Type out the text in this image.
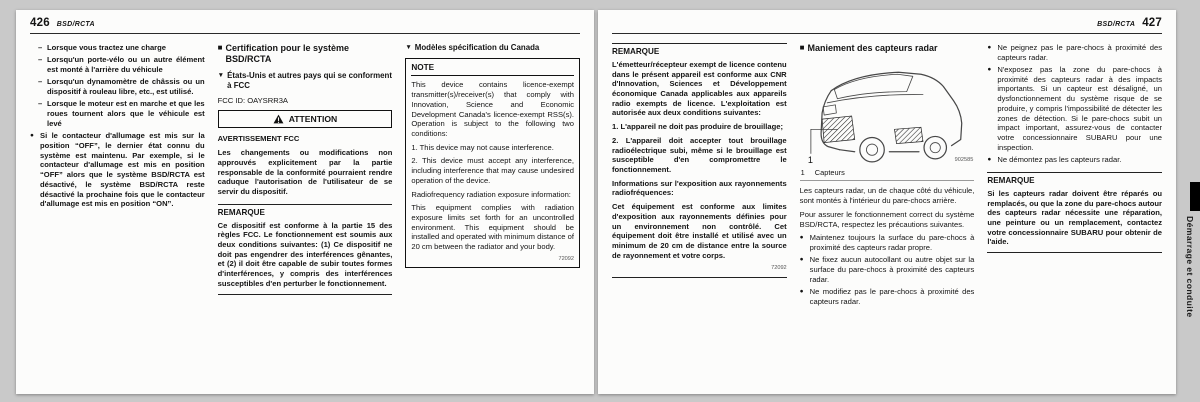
426 BSD/RCTA
– Lorsque vous tractez une charge
– Lorsqu'un porte-vélo ou un autre élément est monté à l'arrière du véhicule
– Lorsqu'un dynamomètre de châssis ou un dispositif à rouleau libre, etc., est utilisé.
– Lorsque le moteur est en marche et que les roues tournent alors que le véhicule est levé
● Si le contacteur d'allumage est mis sur la position “OFF”, le dernier état connu du système est maintenu. Par exemple, si le contacteur d'allumage est mis en position “OFF” alors que le système BSD/RCTA est désactivé, le système BSD/RCTA reste désactivé la prochaine fois que le contacteur d'allumage est mis en position “ON”.
■ Certification pour le système BSD/RCTA
▼ États-Unis et autres pays qui se conforment à FCC

FCC ID: OAYSRR3A

ATTENTION

AVERTISSEMENT FCC

Les changements ou modifications non approuvés explicitement par la partie responsable de la conformité pourraient rendre caduque l'autorisation de l'utilisateur de se servir du dispositif.

REMARQUE
Ce dispositif est conforme à la partie 15 des règles FCC. Le fonctionnement est soumis aux deux conditions suivantes: (1) Ce dispositif ne doit pas engendrer des interférences gênantes, et (2) il doit être capable de subir toutes formes d'interférences, y compris des interférences susceptibles d'en perturber le fonctionnement.
▼ Modèles spécification du Canada
NOTE

This device contains licence-exempt transmitter(s)/receiver(s) that comply with Innovation, Science and Economic Development Canada's licence-exempt RSS(s). Operation is subject to the following two conditions:

1. This device may not cause interference.

2. This device must accept any interference, including interference that may cause undesired operation of the device.

Radiofrequency radiation exposure information:

This equipment complies with radiation exposure limits set forth for an uncontrolled environment. This equipment should be installed and operated with minimum distance of 20 cm between the radiator and your body.

72092
BSD/RCTA 427
REMARQUE
L'émetteur/récepteur exempt de licence contenu dans le présent appareil est conforme aux CNR d'Innovation, Sciences et Développement économique Canada applicables aux appareils radio exempts de licence. L'exploitation est autorisée aux deux conditions suivantes:
1. L'appareil ne doit pas produire de brouillage;
2. L'appareil doit accepter tout brouillage radioélectrique subi, même si le brouillage est susceptible d'en compromettre le fonctionnement.
Informations sur l'exposition aux rayonnements radiofréquences:
Cet équipement est conforme aux limites d'exposition aux rayonnements définies pour un environnement non contrôlé. Cet équipement doit être installé et utilisé avec un minimum de 20 cm de distance entre la source de rayonnement et votre corps.
72092
■ Maniement des capteurs radar
1	902585
1 Capteurs

Les capteurs radar, un de chaque côté du véhicule, sont montés à l'intérieur du pare-chocs arrière.

Pour assurer le fonctionnement correct du système BSD/RCTA, respectez les précautions suivantes.

● Maintenez toujours la surface du pare-chocs à proximité des capteurs radar propre.
● Ne fixez aucun autocollant ou autre objet sur la surface du pare-chocs à proximité des capteurs radar.
● Ne modifiez pas le pare-chocs à proximité des capteurs radar.
● Ne peignez pas le pare-chocs à proximité des capteurs radar.
● N'exposez pas la zone du pare-chocs à proximité des capteurs radar à des impacts importants. Si un capteur est désaligné, un dysfonctionnement du système risque de se produire, y compris l'impossibilité de détecter les zones de détection. Si le pare-chocs subit un impact important, assurez-vous de contacter votre concessionnaire SUBARU pour une inspection.
● Ne démontez pas les capteurs radar.
REMARQUE
Si les capteurs radar doivent être réparés ou remplacés, ou que la zone du pare-chocs autour des capteurs radar nécessite une réparation, une peinture ou un remplacement, contactez votre concessionnaire SUBARU pour obtenir de l'aide.	Démarrage et conduite
